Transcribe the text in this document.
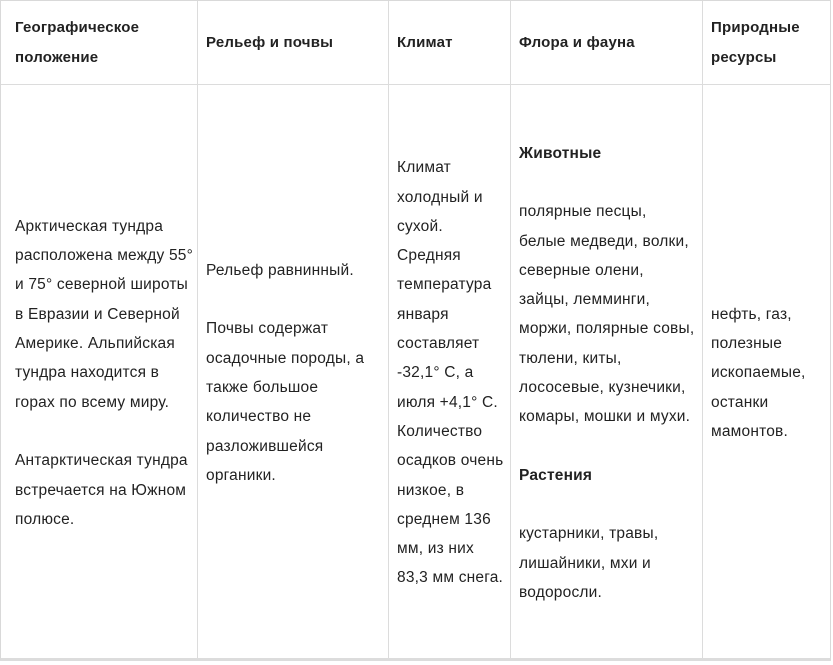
Географическое положение
Рельеф и почвы	Климат	Флора и фауна
Природные ресурсы

Арктическая тундра расположена между 55° и 75° северной широты в Евразии и Северной Америке. Альпийская тундра находится в горах по всему миру.

Антарктическая тундра встречается на Южном полюсе.

Рельеф равнинный.

Почвы содержат осадочные породы, а также большое количество не разложившейся органики.

Климат холодный и сухой. Средняя температура января составляет -32,1° C, а июля +4,1° C. Количество осадков очень низкое, в среднем 136 мм, из них 83,3 мм снега.

Животные

полярные песцы, белые медведи, волки, северные олени, зайцы, лемминги, моржи, полярные совы, тюлени, киты, лососевые, кузнечики, комары, мошки и мухи.

Растения

кустарники, травы, лишайники, мхи и водоросли.

нефть, газ, полезные ископаемые, останки мамонтов.
